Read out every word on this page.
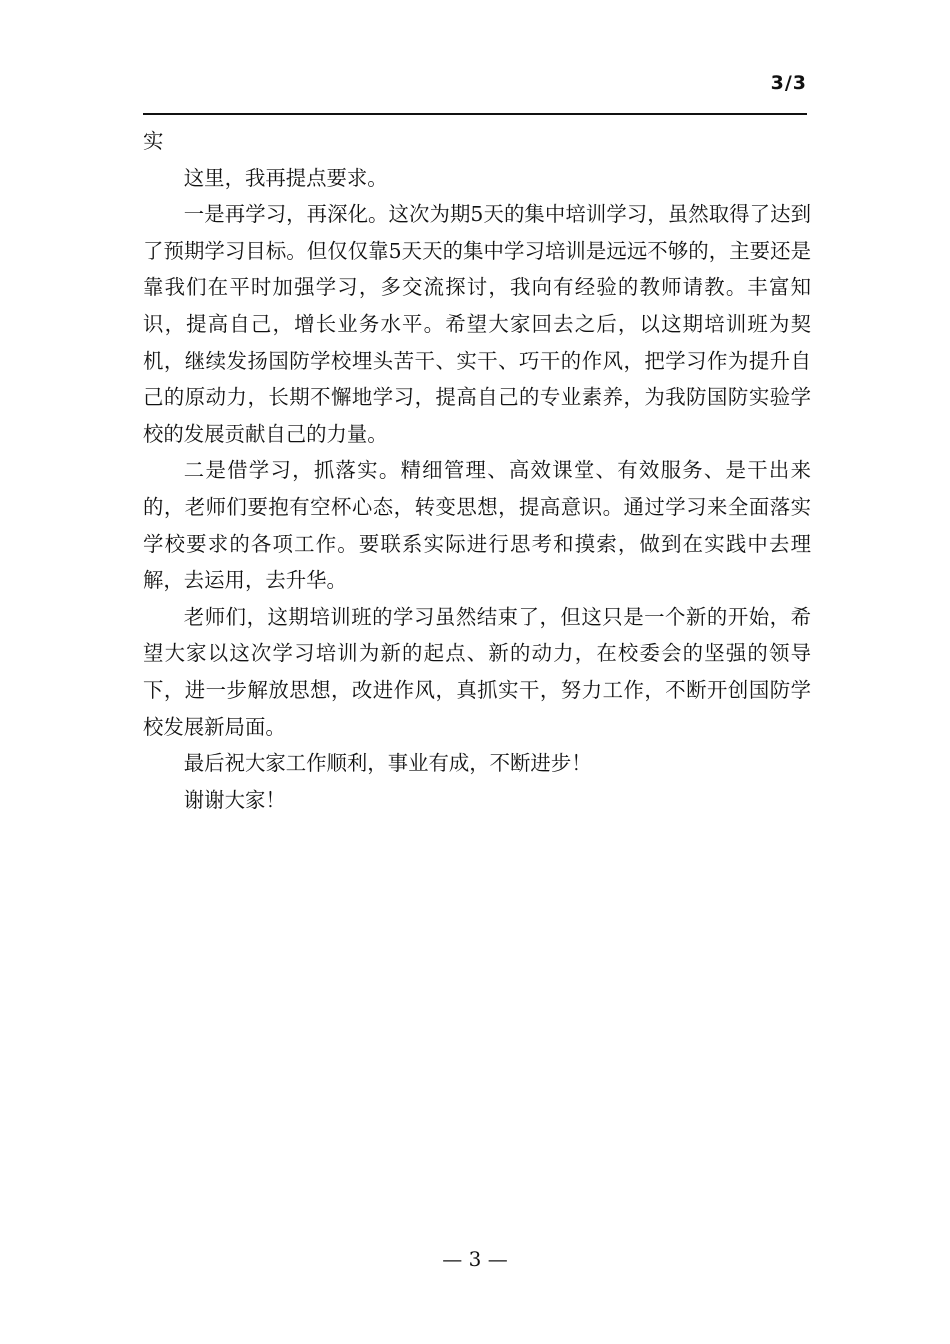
3/3

实

这里，我再提点要求。

一是再学习，再深化。这次为期5天的集中培训学习，虽然取得了达到了预期学习目标。但仅仅靠5天天的集中学习培训是远远不够的，主要还是靠我们在平时加强学习，多交流探讨，我向有经验的教师请教。丰富知识，提高自己，增长业务水平。希望大家回去之后，以这期培训班为契机，继续发扬国防学校埋头苦干、实干、巧干的作风，把学习作为提升自己的原动力，长期不懈地学习，提高自己的专业素养，为我防国防实验学校的发展贡献自己的力量。

二是借学习，抓落实。精细管理、高效课堂、有效服务、是干出来的，老师们要抱有空杯心态，转变思想，提高意识。通过学习来全面落实学校要求的各项工作。要联系实际进行思考和摸索，做到在实践中去理解，去运用，去升华。

老师们，这期培训班的学习虽然结束了，但这只是一个新的开始，希望大家以这次学习培训为新的起点、新的动力，在校委会的坚强的领导下，进一步解放思想，改进作风，真抓实干，努力工作，不断开创国防学校发展新局面。

最后祝大家工作顺利，事业有成，不断进步！

谢谢大家！

— 3 —
